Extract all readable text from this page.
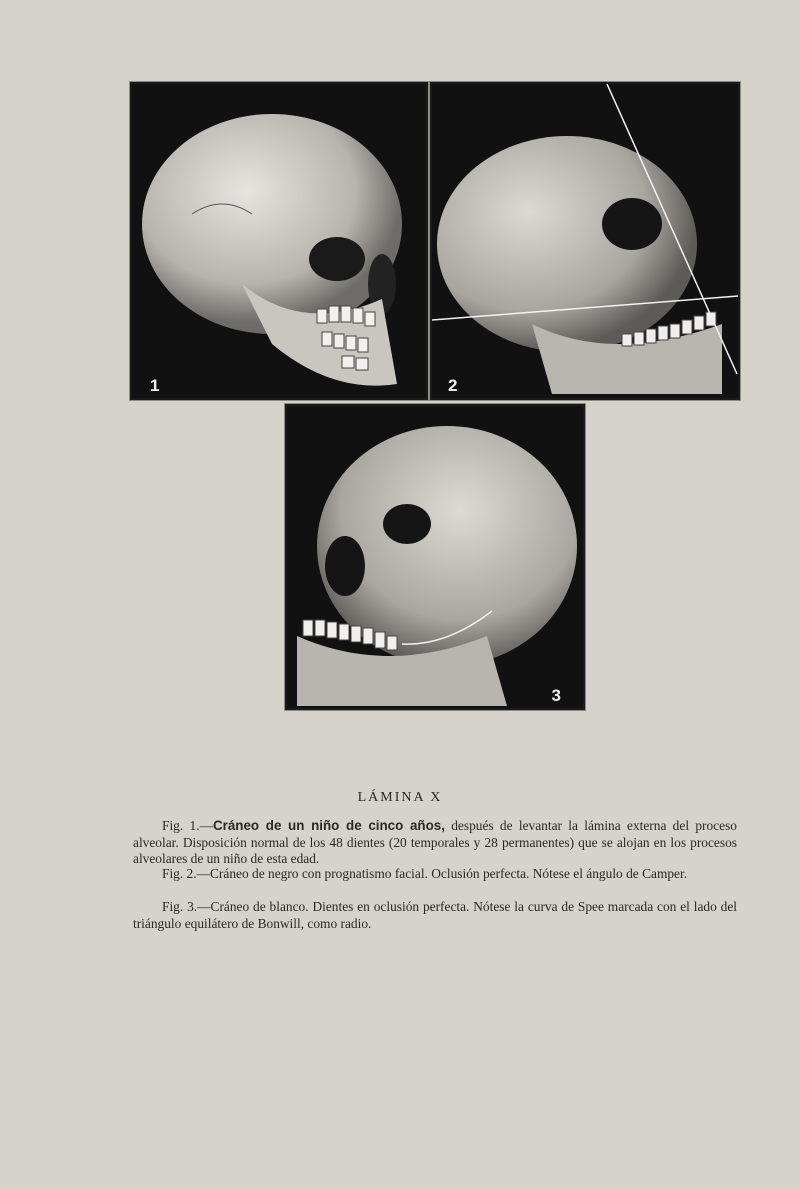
1	2
3
LÁMINA X
Fig. 1.—Cráneo de un niño de cinco años, después de levantar la lámina externa del proceso alveolar. Disposición normal de los 48 dientes (20 temporales y 28 permanentes) que se alojan en los procesos alveolares de un niño de esta edad.
Fig. 2.—Cráneo de negro con prognatismo facial. Oclusión perfecta. Nótese el ángulo de Camper.
Fig. 3.—Cráneo de blanco. Dientes en oclusión perfecta. Nótese la curva de Spee marcada con el lado del triángulo equilátero de Bonwill, como radio.
